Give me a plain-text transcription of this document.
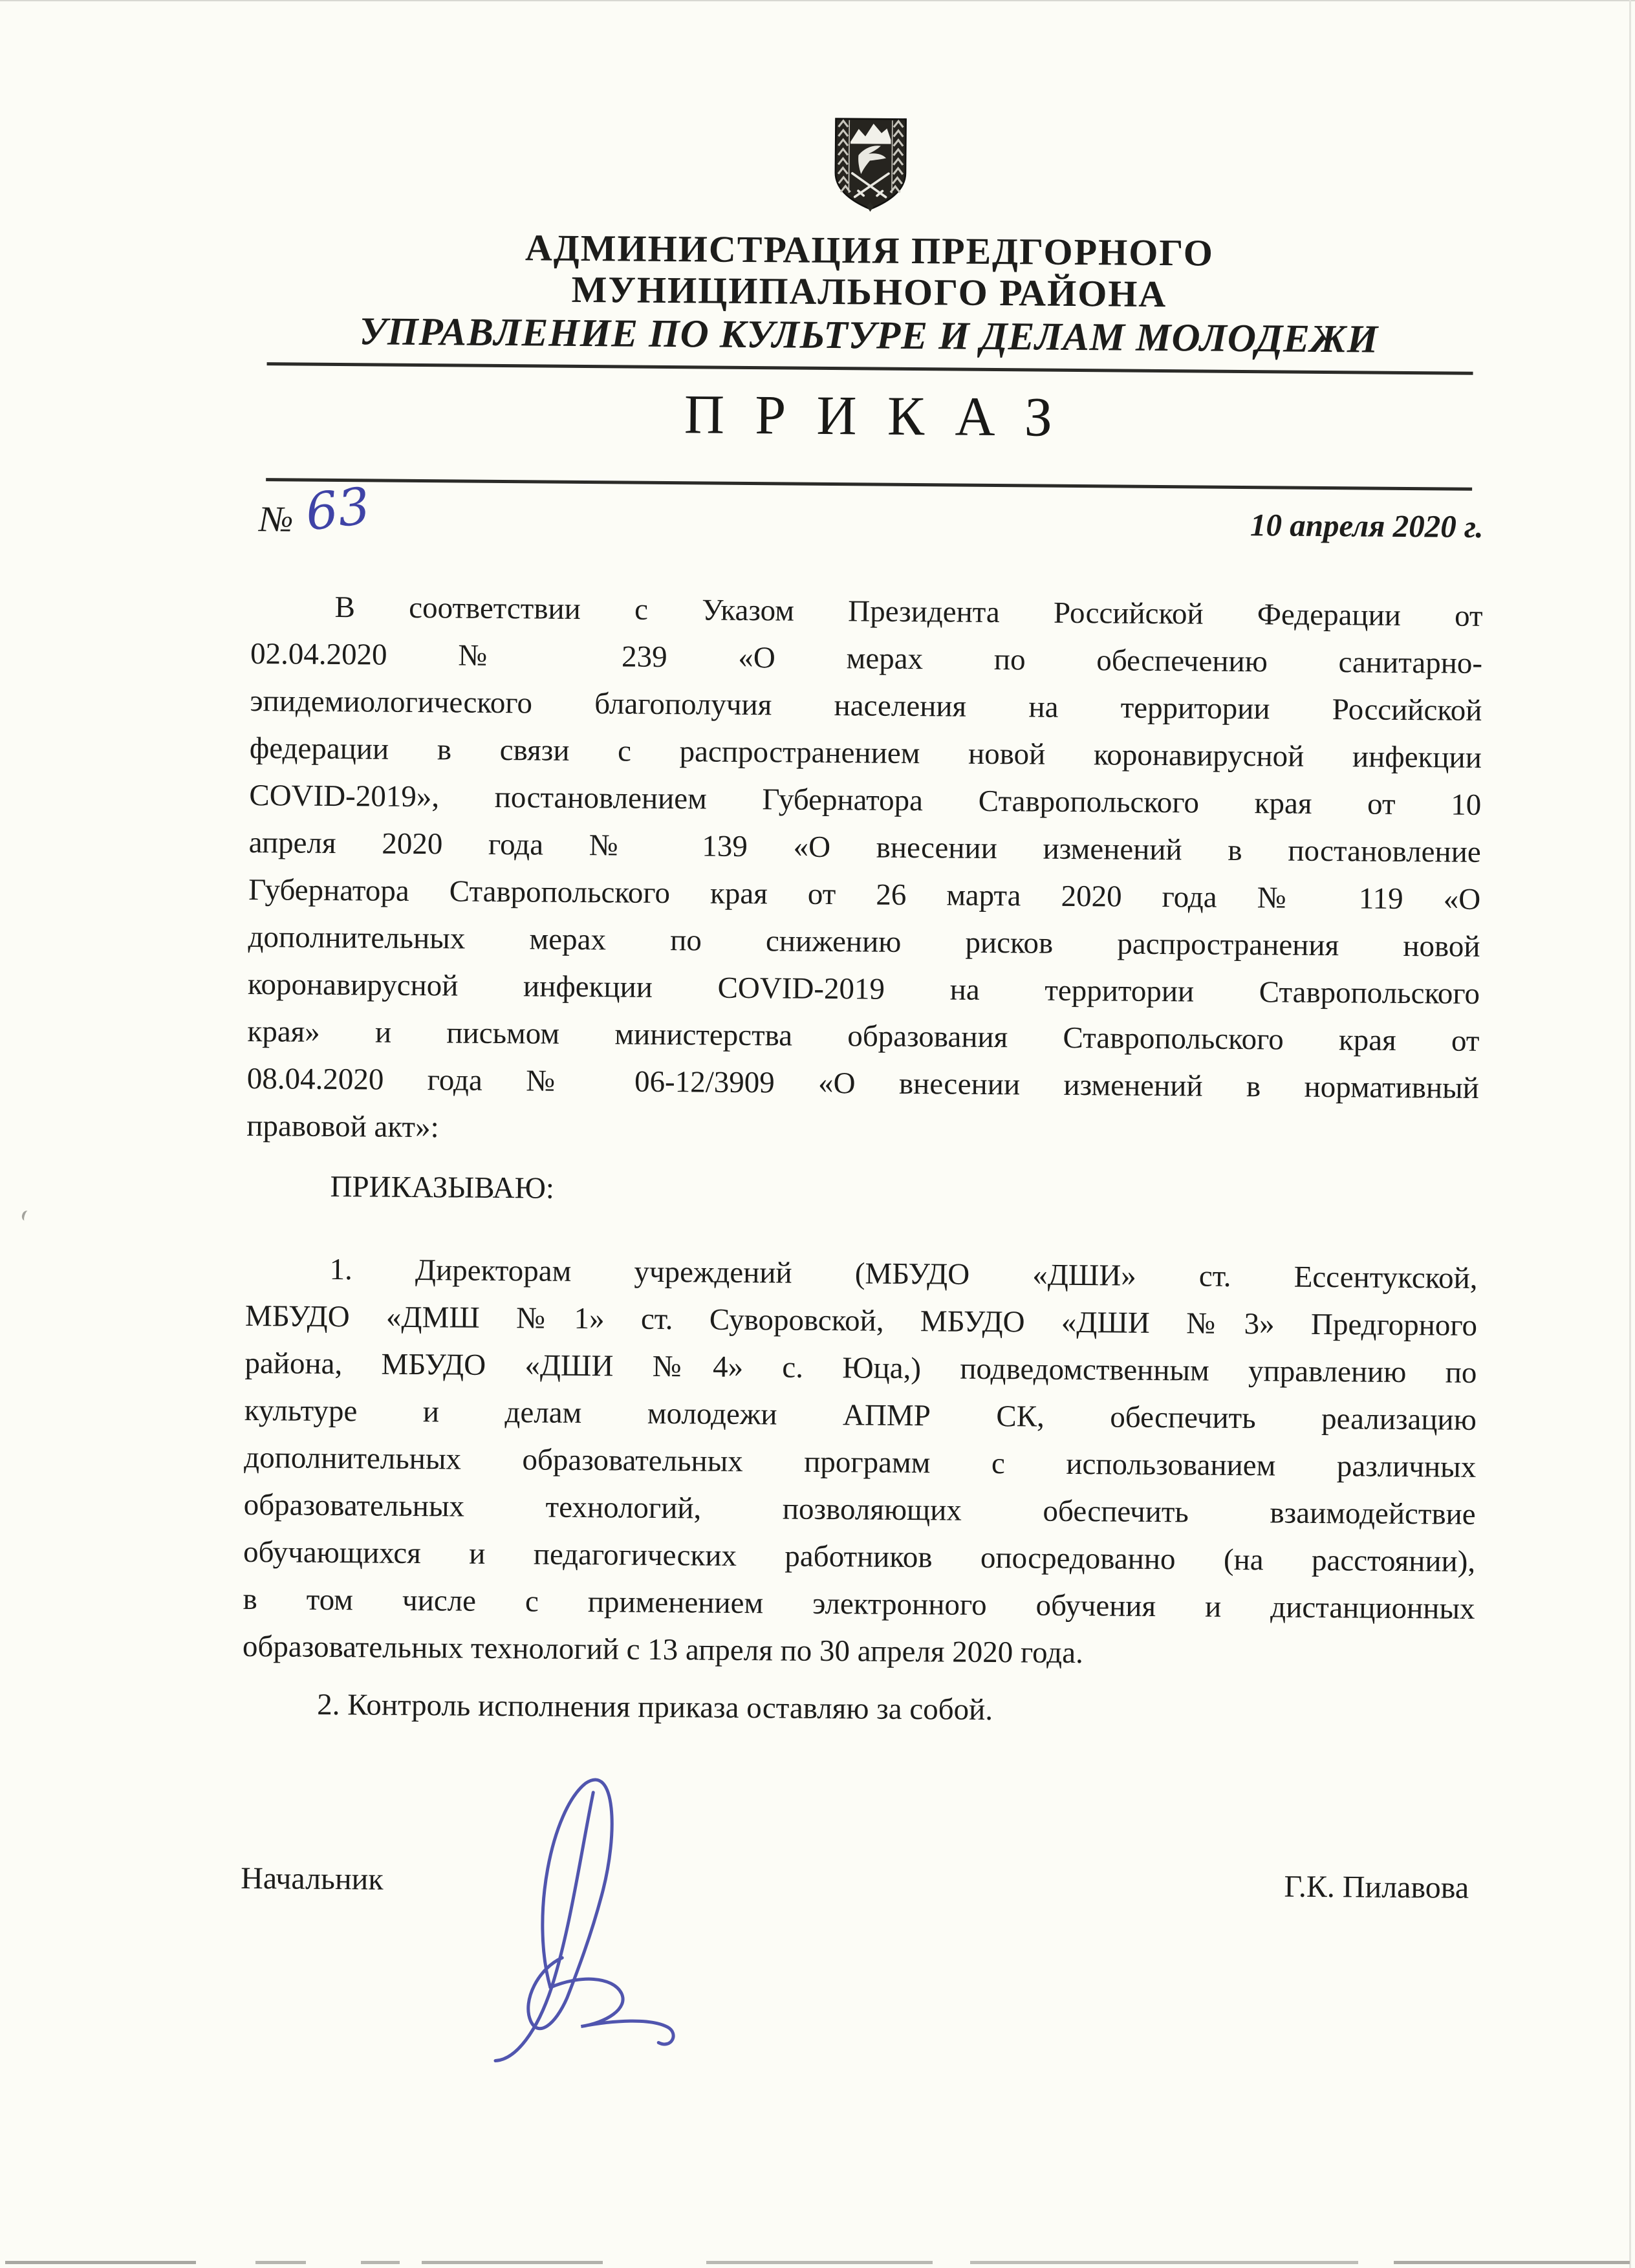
АДМИНИСТРАЦИЯ ПРЕДГОРНОГО
МУНИЦИПАЛЬНОГО РАЙОНА
УПРАВЛЕНИЕ ПО КУЛЬТУРЕ И ДЕЛАМ МОЛОДЕЖИ
ПРИКАЗ
№ 63	10 апреля 2020 г.
В соответствии с Указом Президента Российской Федерации от
02.04.2020 № 239 «О мерах по обеспечению санитарно-
эпидемиологического благополучия населения на территории Российской
федерации в связи с распространением новой коронавирусной инфекции
COVID-2019», постановлением Губернатора Ставропольского края от 10
апреля 2020 года № 139 «О внесении изменений в постановление
Губернатора Ставропольского края от 26 марта 2020 года № 119 «О
дополнительных мерах по снижению рисков распространения новой
коронавирусной инфекции COVID-2019 на территории Ставропольского
края» и письмом министерства образования Ставропольского края от
08.04.2020 года № 06-12/3909 «О внесении изменений в нормативный
правовой акт»:
ПРИКАЗЫВАЮ:
1. Директорам учреждений (МБУДО «ДШИ» ст. Ессентукской,
МБУДО «ДМШ №1» ст. Суворовской, МБУДО «ДШИ №3» Предгорного
района, МБУДО «ДШИ №4» с. Юца,) подведомственным управлению по
культуре и делам молодежи АПМР СК, обеспечить реализацию
дополнительных образовательных программ с использованием различных
образовательных технологий, позволяющих обеспечить взаимодействие
обучающихся и педагогических работников опосредованно (на расстоянии),
в том числе с применением электронного обучения и дистанционных
образовательных технологий с 13 апреля по 30 апреля 2020 года.
2. Контроль исполнения приказа оставляю за собой.
Начальник	Г.К. Пилавова
